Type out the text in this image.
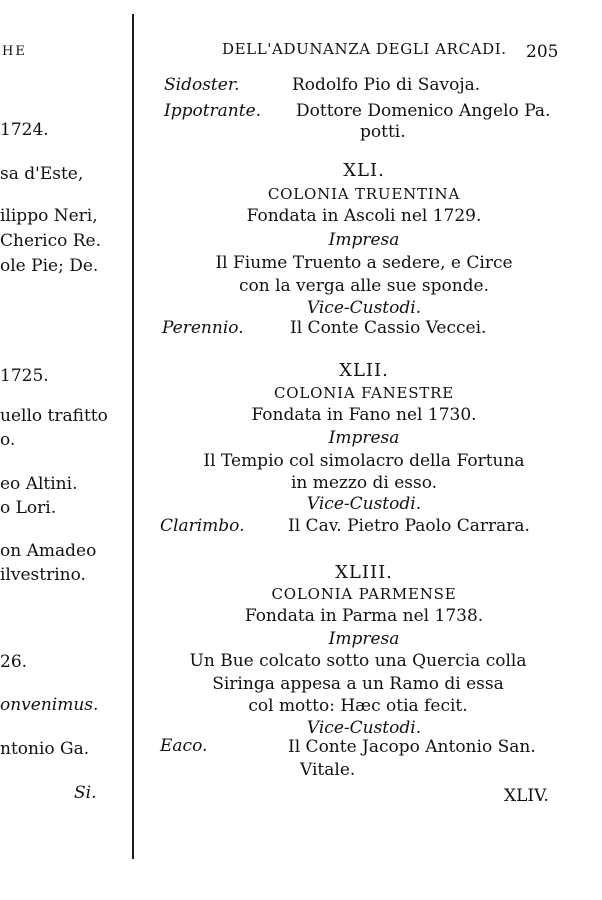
HE
1724.
sa d'Este,
ilippo Neri,
Cherico Re.
ole Pie; De.
1725.
uello trafitto
o.
eo Altini.
o Lori.
on Amadeo
ilvestrino.
26.
onvenimus.
ntonio Ga.
Si.
DELL'ADUNANZA DEGLI ARCADI. 205
Sidoster.	Rodolfo Pio di Savoja.
Ippotrante. Dottore Domenico Angelo Pa.
potti.
XLI.
COLONIA TRUENTINA
Fondata in Ascoli nel 1729.
Impresa
Il Fiume Truento a sedere, e Circe
con la verga alle sue sponde.
Vice-Custodi.
Perennio.	Il Conte Cassio Veccei.
XLII.
COLONIA FANESTRE
Fondata in Fano nel 1730.
Impresa
Il Tempio col simolacro della Fortuna
in mezzo di esso.
Vice-Custodi.
Clarimbo.	Il Cav. Pietro Paolo Carrara.
XLIII.
COLONIA PARMENSE
Fondata in Parma nel 1738.
Impresa
Un Bue colcato sotto una Quercia colla
Siringa appesa a un Ramo di essa
col motto: Hæc otia fecit.
Vice-Custodi.
Eaco.	Il Conte Jacopo Antonio San.
Vitale.
XLIV.
